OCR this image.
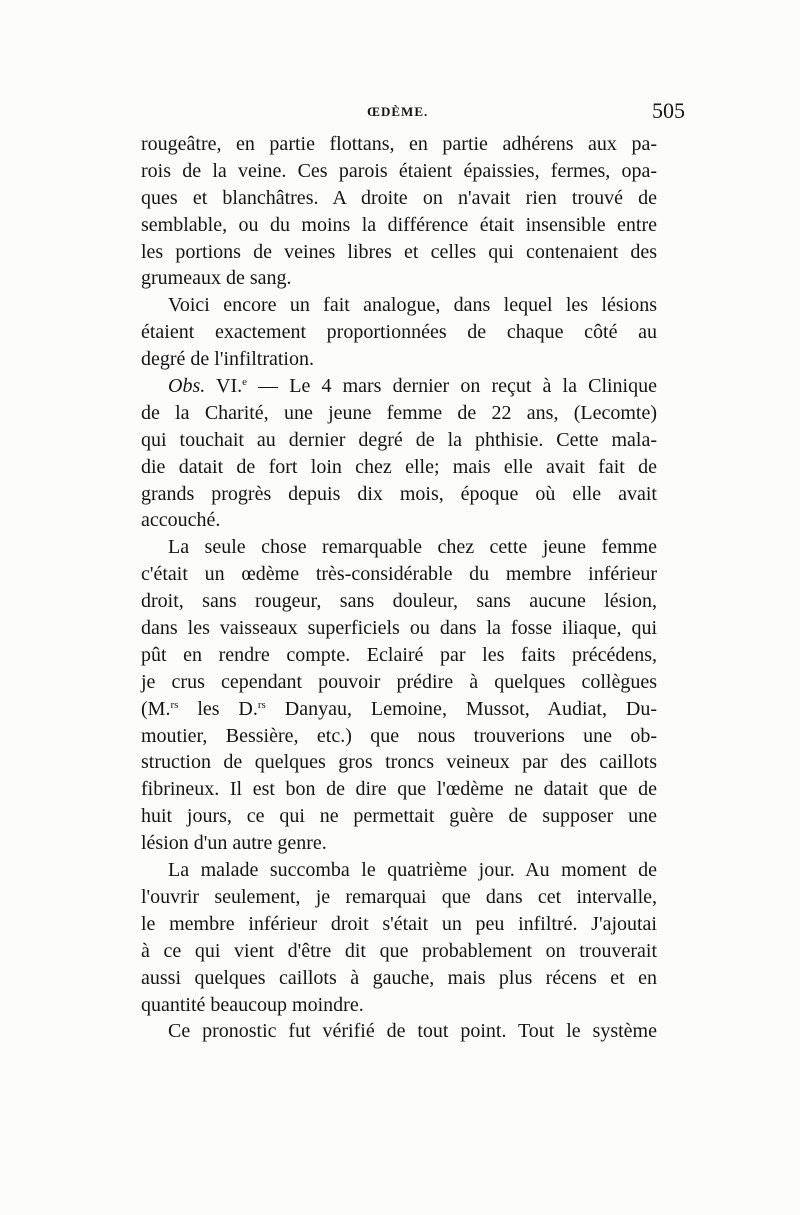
ŒDÈME.	505
rougeâtre, en partie flottans, en partie adhérens aux pa-
rois de la veine. Ces parois étaient épaissies, fermes, opa-
ques et blanchâtres. A droite on n'avait rien trouvé de
semblable, ou du moins la différence était insensible entre
les portions de veines libres et celles qui contenaient des
grumeaux de sang.
Voici encore un fait analogue, dans lequel les lésions
étaient exactement proportionnées de chaque côté au
degré de l'infiltration.
Obs. VI.$^e$ — Le 4 mars dernier on reçut à la Clinique
de la Charité, une jeune femme de 22 ans, (Lecomte)
qui touchait au dernier degré de la phthisie. Cette mala-
die datait de fort loin chez elle; mais elle avait fait de
grands progrès depuis dix mois, époque où elle avait
accouché.
La seule chose remarquable chez cette jeune femme
c'était un œdème très-considérable du membre inférieur
droit, sans rougeur, sans douleur, sans aucune lésion,
dans les vaisseaux superficiels ou dans la fosse iliaque, qui
pût en rendre compte. Eclairé par les faits précédens,
je crus cependant pouvoir prédire à quelques collègues
(M.$^{rs}$ les D.$^{rs}$ Danyau, Lemoine, Mussot, Audiat, Du-
moutier, Bessière, etc.) que nous trouverions une ob-
struction de quelques gros troncs veineux par des caillots
fibrineux. Il est bon de dire que l'œdème ne datait que de
huit jours, ce qui ne permettait guère de supposer une
lésion d'un autre genre.
La malade succomba le quatrième jour. Au moment de
l'ouvrir seulement, je remarquai que dans cet intervalle,
le membre inférieur droit s'était un peu infiltré. J'ajoutai
à ce qui vient d'être dit que probablement on trouverait
aussi quelques caillots à gauche, mais plus récens et en
quantité beaucoup moindre.
Ce pronostic fut vérifié de tout point. Tout le système
